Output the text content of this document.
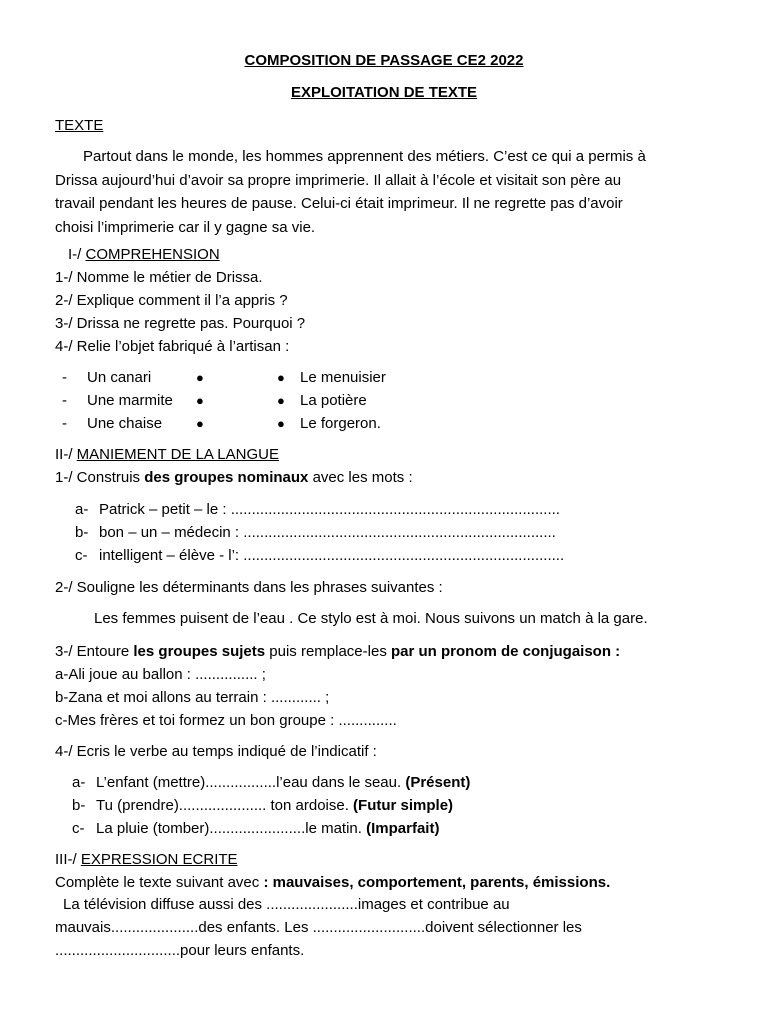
COMPOSITION DE PASSAGE CE2 2022
EXPLOITATION DE TEXTE
TEXTE
Partout dans le monde, les hommes apprennent des métiers. C’est ce qui a permis à
Drissa aujourd’hui d’avoir sa propre imprimerie. Il allait à l’école et visitait son père au
travail pendant les heures de pause. Celui-ci était imprimeur. Il ne regrette pas d’avoir
choisi l’imprimerie car il y gagne sa vie.
I-/ COMPREHENSION
1-/ Nomme le métier de Drissa.
2-/ Explique comment il l’a appris ?
3-/ Drissa ne regrette pas. Pourquoi ?
4-/ Relie l’objet fabriqué à l’artisan :
- Un canari	●	● Le menuisier
- Une marmite ●	● La potière
- Une chaise	●	● Le forgeron.
II-/ MANIEMENT DE LA LANGUE
1-/ Construis des groupes nominaux avec les mots :
a- Patrick – petit – le : ...............................................................................
b- bon – un – médecin : ...........................................................................
c- intelligent – élève - l’: .............................................................................
2-/ Souligne les déterminants dans les phrases suivantes :
Les femmes puisent de l’eau . Ce stylo est à moi. Nous suivons un match à la gare.
3-/ Entoure les groupes sujets puis remplace-les par un pronom de conjugaison :
a-Ali joue au ballon : ............... ;
b-Zana et moi allons au terrain : ............ ;
c-Mes frères et toi formez un bon groupe : ..............
4-/ Ecris le verbe au temps indiqué de l’indicatif :
a- L’enfant (mettre).................l’eau dans le seau. (Présent)
b- Tu (prendre)..................... ton ardoise. (Futur simple)
c- La pluie (tomber).......................le matin. (Imparfait)
III-/ EXPRESSION ECRITE
Complète le texte suivant avec : mauvaises, comportement, parents, émissions.
La télévision diffuse aussi des ......................images et contribue au
mauvais.....................des enfants. Les ...........................doivent sélectionner les
..............................pour leurs enfants.
